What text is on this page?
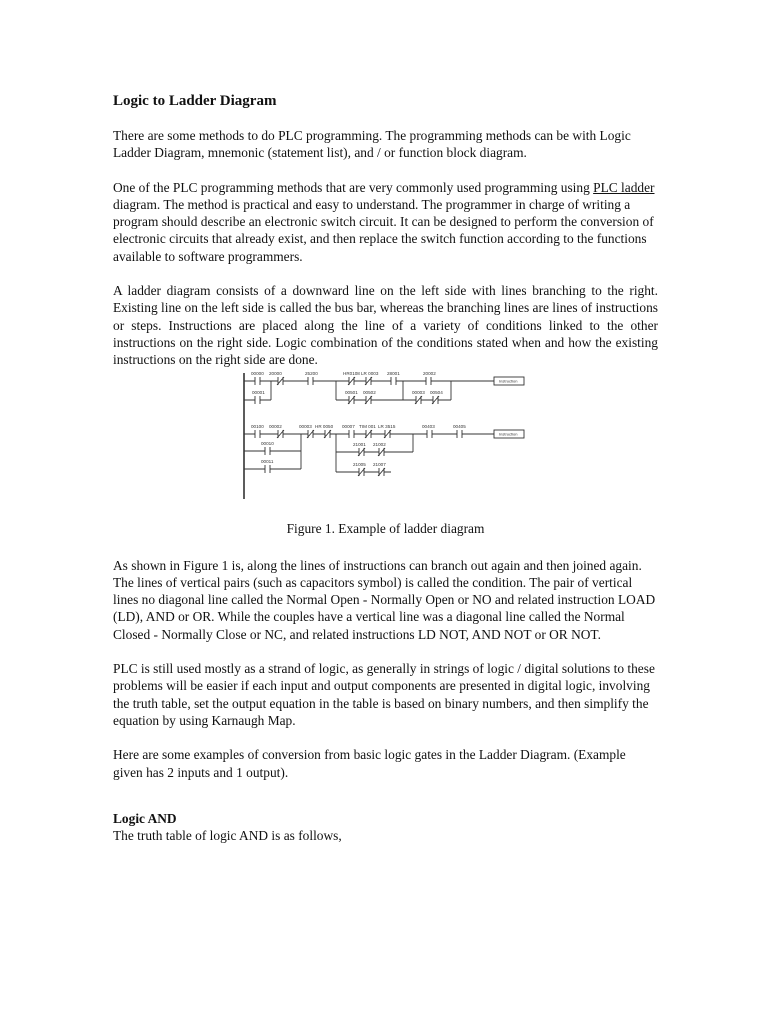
Logic to Ladder Diagram

There are some methods to do PLC programming. The programming methods can be with Logic Ladder Diagram, mnemonic (statement list), and / or function block diagram.

One of the PLC programming methods that are very commonly used programming using PLC ladder diagram. The method is practical and easy to understand. The programmer in charge of writing a program should describe an electronic switch circuit. It can be designed to perform the conversion of electronic circuits that already exist, and then replace the switch function according to the functions available to software programmers.

A ladder diagram consists of a downward line on the left side with lines branching to the right. Existing line on the left side is called the bus bar, whereas the branching lines are lines of instructions or steps. Instructions are placed along the line of a variety of conditions linked to the other instructions on the right side. Logic combination of the conditions stated when and how the existing instructions on the right side are done.

00000 20000	25200	HR0108 LR 0003 28001	20002
00001	00501 00502	00003 00504
00100 00002	00003 HR 0050 00007 TIM 001 LR 3515	00403	00405
00010
00011
21001 21002
21005 21007
Instruction
Instruction
Figure 1. Example of ladder diagram

As shown in Figure 1 is, along the lines of instructions can branch out again and then joined again. The lines of vertical pairs (such as capacitors symbol) is called the condition. The pair of vertical lines no diagonal line called the Normal Open - Normally Open or NO and related instruction LOAD (LD), AND or OR. While the couples have a vertical line was a diagonal line called the Normal Closed - Normally Close or NC, and related instructions LD NOT, AND NOT or OR NOT.

PLC is still used mostly as a strand of logic, as generally in strings of logic / digital solutions to these problems will be easier if each input and output components are presented in digital logic, involving the truth table, set the output equation in the table is based on binary numbers, and then simplify the equation by using Karnaugh Map.

Here are some examples of conversion from basic logic gates in the Ladder Diagram. (Example given has 2 inputs and 1 output).

Logic AND

The truth table of logic AND is as follows,
